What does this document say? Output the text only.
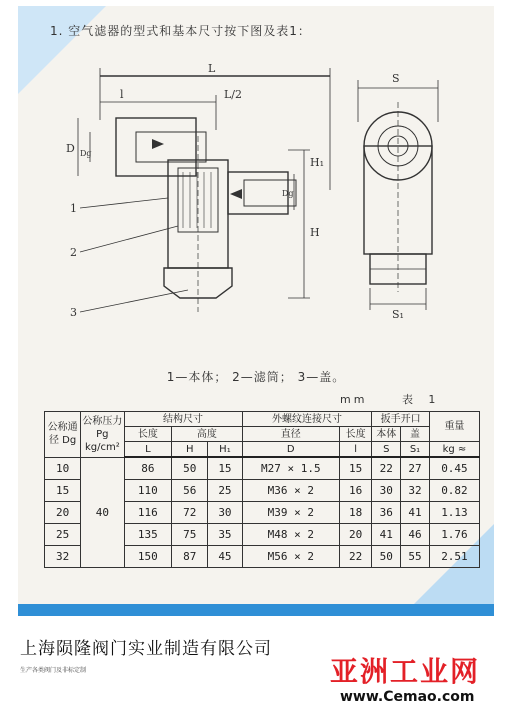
1. 空气滤器的型式和基本尺寸按下图及表1：
L
l	L/2
S
S₁
H
H₁
D Dg
Dg
1
2
3
1—本体； 2—滤筒； 3—盖。
mm	表 1
公称通径 Dg	公称压力 Pg kg/cm²	结构尺寸			外螺纹连接尺寸		扳手开口		重量
		长度	高度		直径	长度	本体	盖	
		L	H	H₁	D	l	S	S₁	kg ≈
10	40	86	50	15	M27 × 1.5	15	22	27	0.45
15		110	56	25	M36 × 2	16	30	32	0.82
20		116	72	30	M39 × 2	18	36	41	1.13
25		135	75	35	M48 × 2	20	41	46	1.76
32		150	87	45	M56 × 2	22	50	55	2.51
上海陨隆阀门实业制造有限公司
生产各类阀门及非标定制	亚洲工业网
www.Cemao.com
